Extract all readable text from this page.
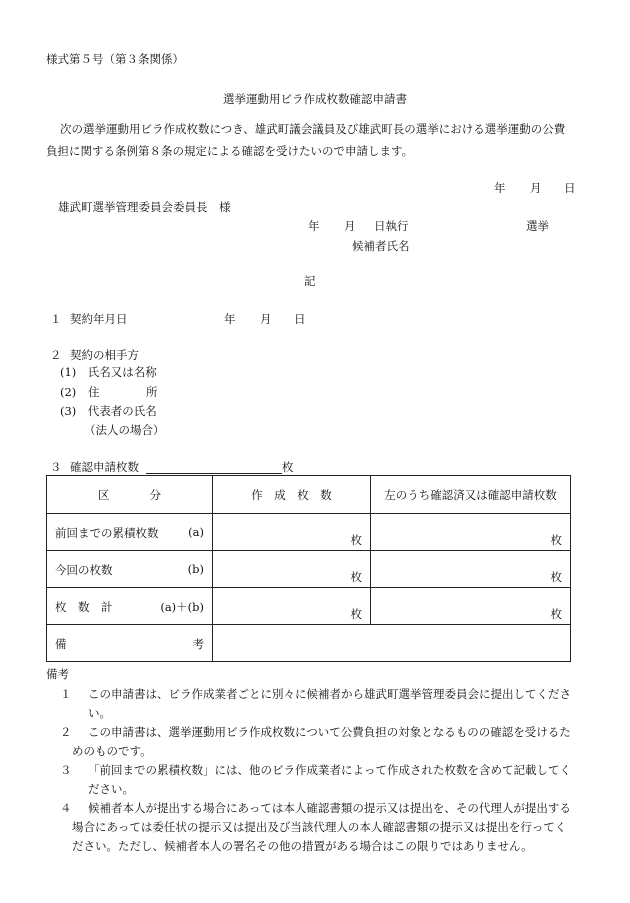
様式第５号（第３条関係）
選挙運動用ビラ作成枚数確認申請書
次の選挙運動用ビラ作成枚数につき、雄武町議会議員及び雄武町長の選挙における選挙運動の公費
負担に関する条例第８条の規定による確認を受けたいので申請します。
年 月 日
雄武町選挙管理委員会委員長　様
年 月 日執行	選挙
候補者氏名
記
１ 契約年月日	年 月 日
２ 契約の相手方
(1)　氏名又は名称
(2) 住	所
(3)　代表者の氏名
（法人の場合）
３ 確認申請枚数	枚
区 分	作　成　枚　数	左のうち確認済又は確認申請枚数

前回までの累積枚数 (a)	枚	枚

今回の枚数 (b)	枚	枚

枚　数　計 (a)＋(b)	枚	枚

備 考		

備考
１ この申請書は、ビラ作成業者ごとに別々に候補者から雄武町選挙管理委員会に提出してくださ
い。
２	この申請書は、選挙運動用ビラ作成枚数について公費負担の対象となるものの確認を受けるた
めのものです。
３ 「前回までの累積枚数」には、他のビラ作成業者によって作成された枚数を含めて記載してく
ださい。
４	候補者本人が提出する場合にあっては本人確認書類の提示又は提出を、その代理人が提出する
場合にあっては委任状の提示又は提出及び当該代理人の本人確認書類の提示又は提出を行ってく
ださい。ただし、候補者本人の署名その他の措置がある場合はこの限りではありません。
